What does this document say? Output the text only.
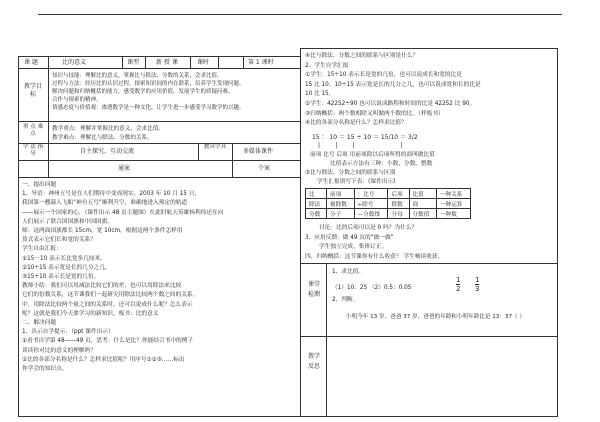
课 题	比的意义	课型	新 授 课	课时	第 1 课时
教学目标
知识与技能：理解比的意义，掌握比与除法、分数的关系，会求比值。
过程与方法：经历比的认识过程，探索知识间的内在联系，培养学生发现问题、
解决问题和归纳概括的能力，感受数学的应用价值，发展学生的质疑问难、
合作与探索的精神。
情感态度与价值观：渗透数学是一种文化，让学生进一步感受学习数学的兴趣。
重 点 难 点
教学重点：理解并掌握比的意义，会求比值。
教学难点：理解比与除法、分数的关系。
学 法 指 导	自主探究、互动交流
教具学具
多媒体课件
通案	个案
一、提出问题
1、导语：神州五号是在人们期待中变成现实，2003 年 10 月 15 日，
我国第一艘载人飞船“神舟五号”顺利升空，准确地进入预定的轨道
——展示一个国家的心，（课件出示 48 页主题图）在此时航天英雄杨利伟还在向
人们展示了联合国国旗和中国国旗。
师：这两面国旗都长 15cm，宽 10cm，根据这两个条件怎样用
算式表示它们长和宽的关系？
学生自由汇报：
①15－10 表示长比宽多几厘米。
②10÷15 表示宽是长的几分之几。
③15÷10 表示长是宽的几倍。
教师小结：我们可以用减法比较它们的差，也可以用除法来比较
它们的倍数关系，这节课我们一起研究用除法比较两个数之间的关系。
中，用除法比较两个量之间的关系时，还可以说成什么呢？怎么表示
呢？这就是我们今天要学习的新知识，板书：比的意义
二、解决问题
1、出示自学提示：（ppt 课件出示）
①看书自学第 48——49 页，思考：什么是比？你能结合书中的例子
谈谈你对比的意义的理解吗？
②比的各部分名称是什么？怎样求比值呢？用序号①②③……标出
你学会的知识点。
④比与除法、分数之间的联系与区别是什么？
2、学生自学汇报
①学生：15÷10 表示长是宽的几倍，也可以说成长和宽的比是
15 比 10。10÷15 表示宽是长的几分之几，也可以说成宽和长的比是
10 比 15。
②学生：42252÷90 也可以说成路程和时间的比是 42252 比 90。
③归纳概括：两个数相除又叫做两个数的比。（样板书）
④比的各部分名称是什么？怎样求比值？
15 ： 10 ＝ 15 ÷ 10 ＝ 15/10 ＝ 3/2
|        |        |                        |
前项 比号 后项 用前项除以后项所得的商叫做比值
比值表示方法有三种：小数、分数、整数
⑤比与除法、分数之间的联系与区别
学生汇报填写下表：(课件出示)
比	前项	：比号	后项	比值	一种关系
除法	被除数	÷除号	除数	商	一种运算
分数	分子	—分数线	分母	分数值	一种数
讨论：比的后项可以是 0 吗？为什么？
3、应用反馈：做 49 页的“做一做”
学生独立完成，集体订正。
四、归纳概括：这节课你有什么收获？ 学生畅谈收获。
课堂检测
1、求比值。
（1）10：25 （2）0.5：0.05
2、判断。
$\frac{1}{2} \frac{1}{3}$
小明今年 13 岁，爸爸 37 岁，爸爸的年龄和小明年龄比是 13：37（ ）
教学反思
